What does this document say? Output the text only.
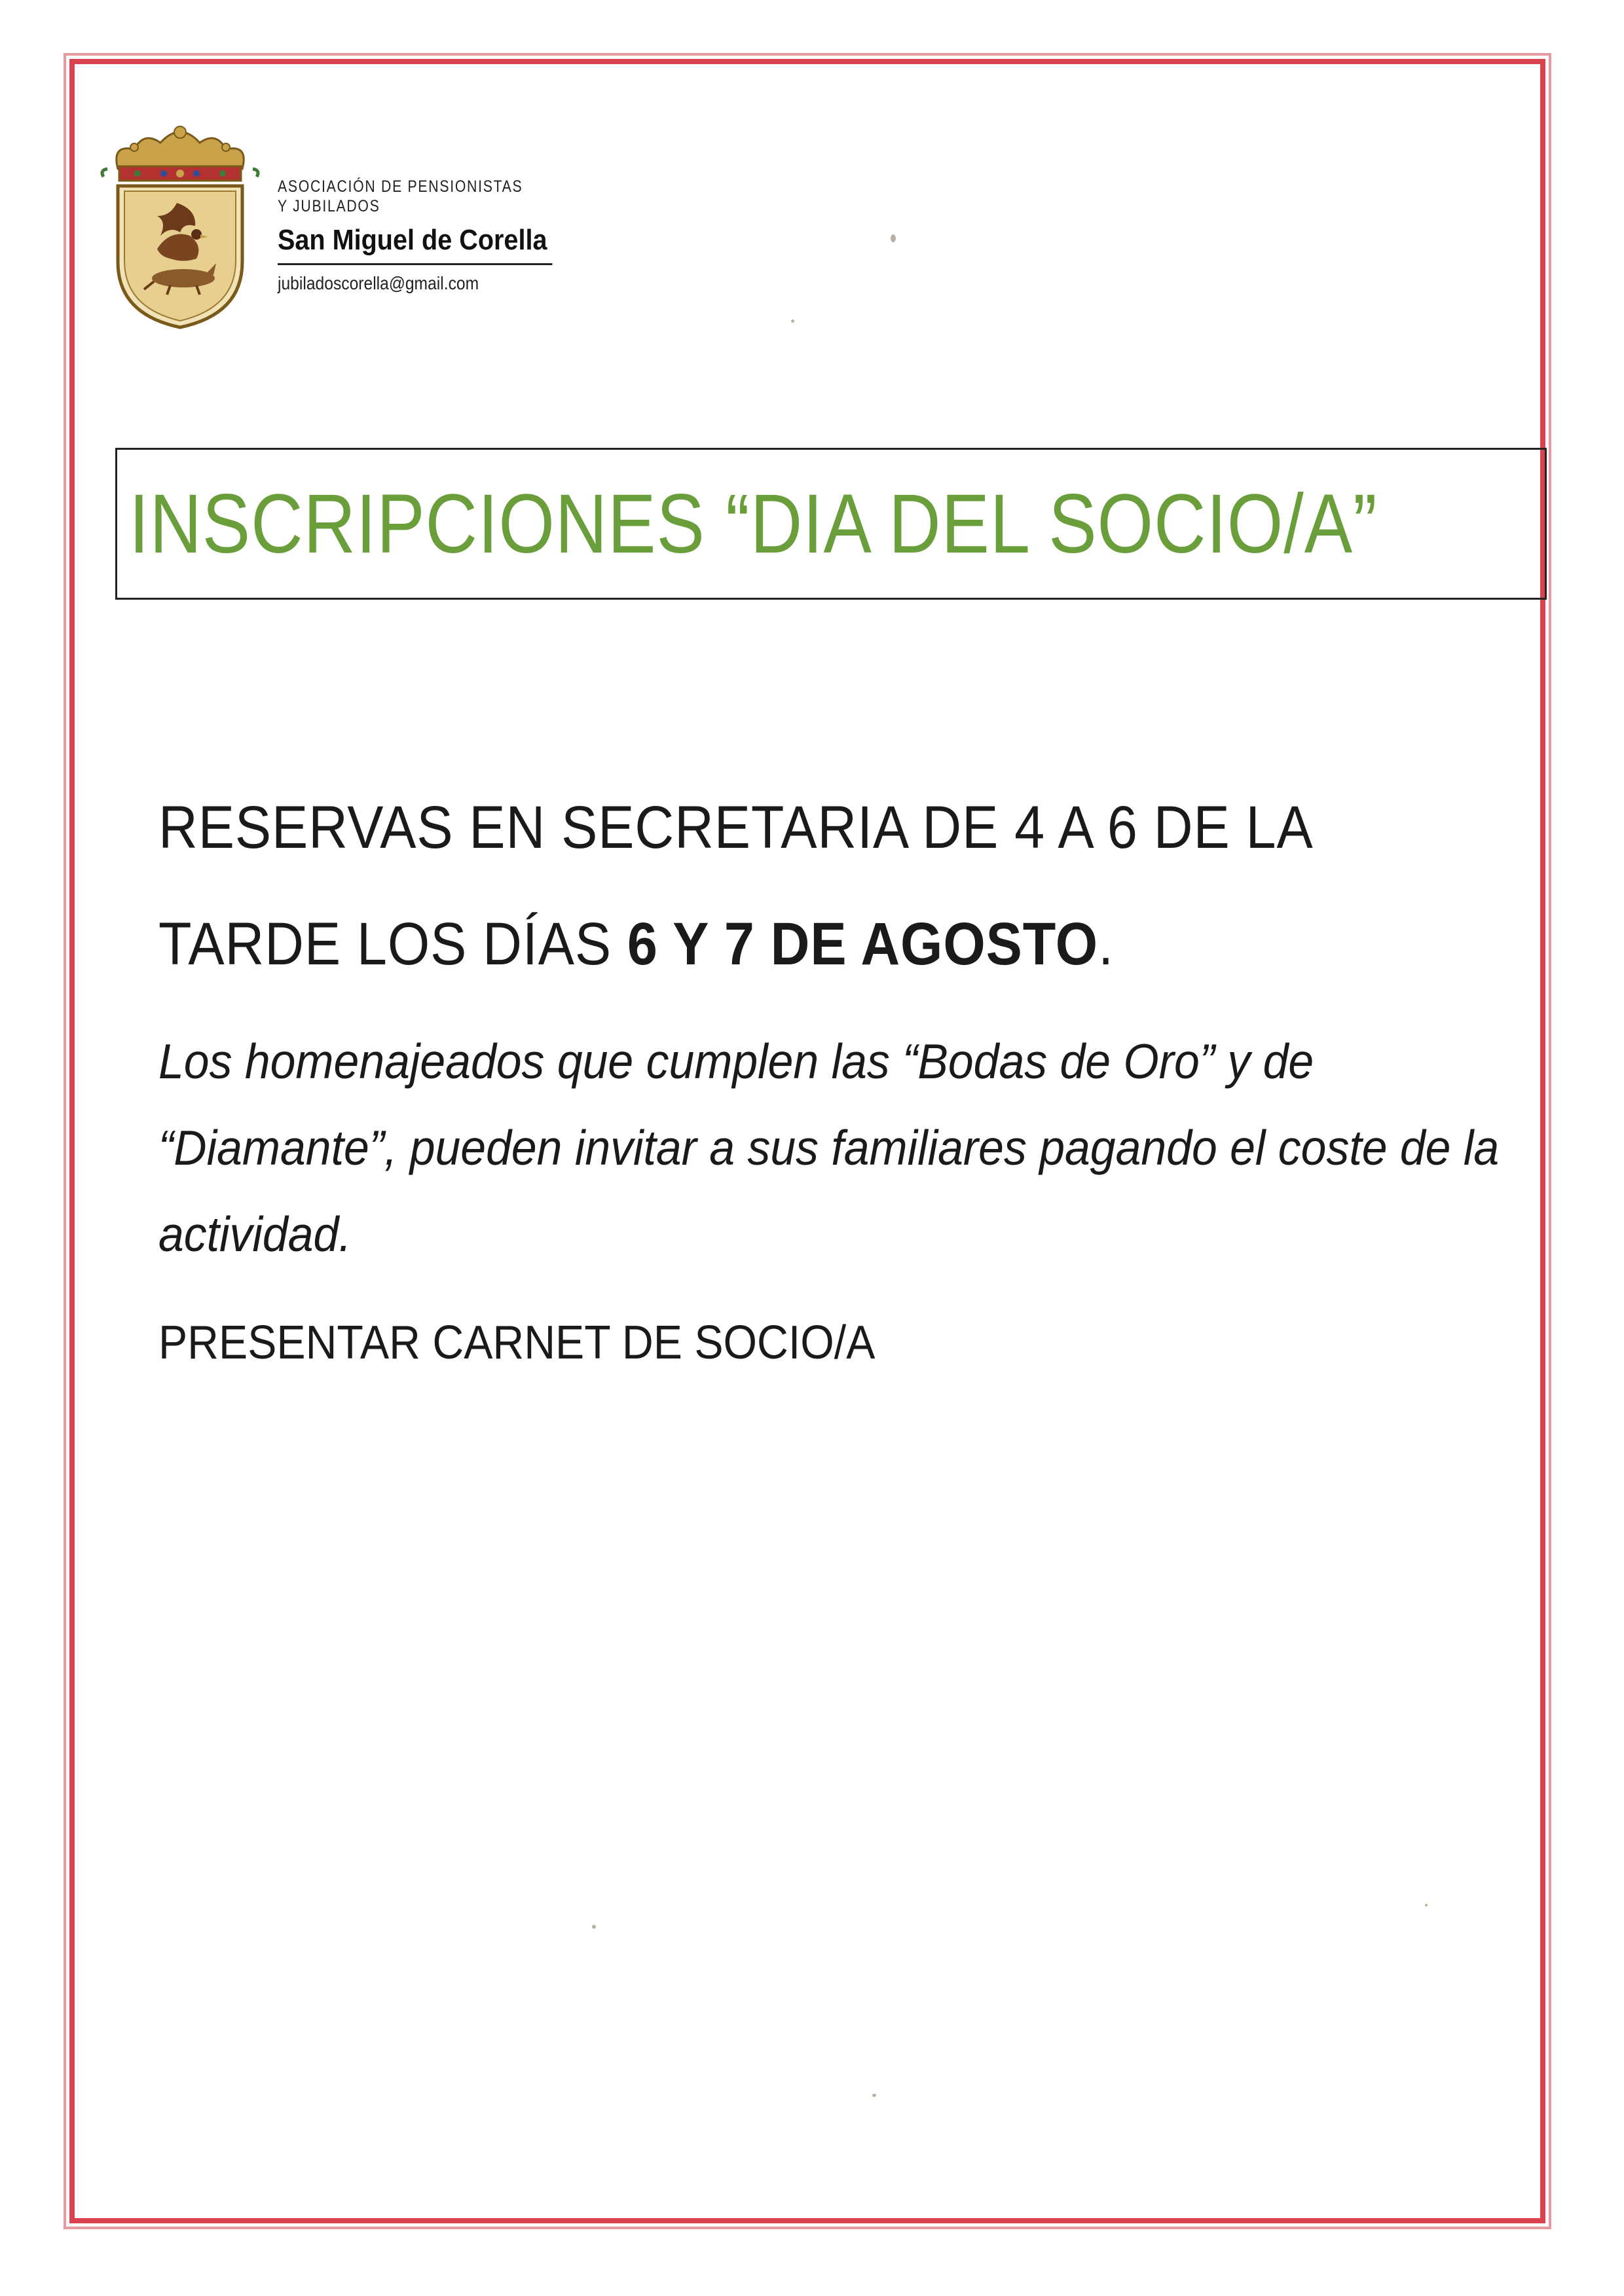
ASOCIACIÓN DE PENSIONISTAS
Y JUBILADOS
San Miguel de Corella
jubiladoscorella@gmail.com
INSCRIPCIONES “DIA DEL SOCIO/A”
RESERVAS EN SECRETARIA DE 4 A 6 DE LA
TARDE LOS DÍAS 6 Y 7 DE AGOSTO.
Los homenajeados que cumplen las “Bodas de Oro” y de “Diamante”, pueden invitar a sus familiares pagando el coste de la actividad.
PRESENTAR CARNET DE SOCIO/A
